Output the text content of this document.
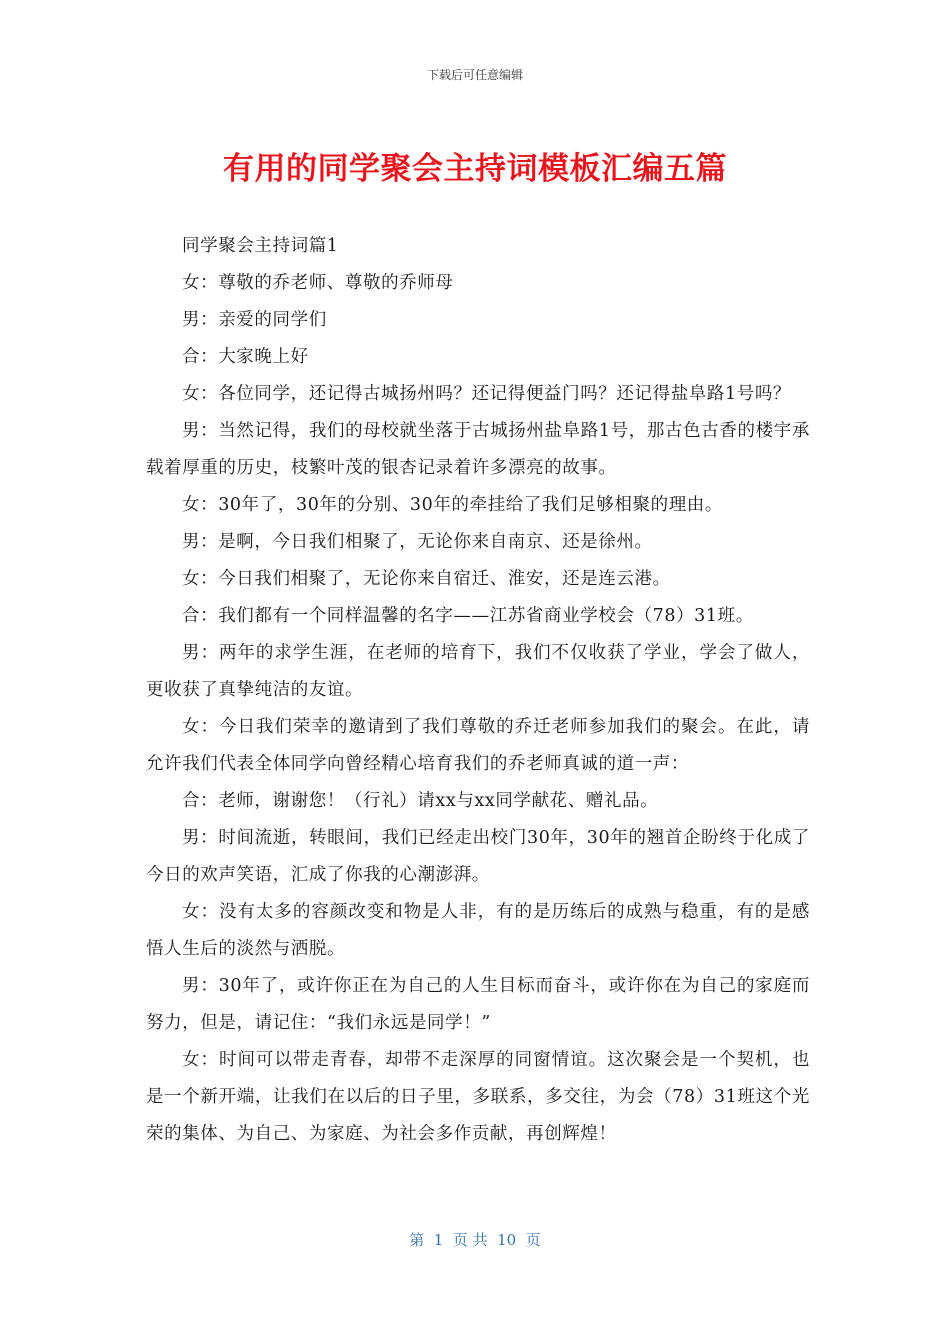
下载后可任意编辑
有用的同学聚会主持词模板汇编五篇

同学聚会主持词篇1

女：尊敬的乔老师、尊敬的乔师母

男：亲爱的同学们

合：大家晚上好

女：各位同学，还记得古城扬州吗？还记得便益门吗？还记得盐阜路1号吗？

男：当然记得，我们的母校就坐落于古城扬州盐阜路1号，那古色古香的楼宇承载着厚重的历史，枝繁叶茂的银杏记录着许多漂亮的故事。

女：30年了，30年的分别、30年的牵挂给了我们足够相聚的理由。

男：是啊，今日我们相聚了，无论你来自南京、还是徐州。

女：今日我们相聚了，无论你来自宿迁、淮安，还是连云港。

合：我们都有一个同样温馨的名字——江苏省商业学校会（78）31班。

男：两年的求学生涯，在老师的培育下，我们不仅收获了学业，学会了做人，更收获了真挚纯洁的友谊。

女：今日我们荣幸的邀请到了我们尊敬的乔迁老师参加我们的聚会。在此，请允许我们代表全体同学向曾经精心培育我们的乔老师真诚的道一声：

合：老师，谢谢您！（行礼）请xx与xx同学献花、赠礼品。

男：时间流逝，转眼间，我们已经走出校门30年，30年的翘首企盼终于化成了今日的欢声笑语，汇成了你我的心潮澎湃。

女：没有太多的容颜改变和物是人非，有的是历练后的成熟与稳重，有的是感悟人生后的淡然与洒脱。

男：30年了，或许你正在为自己的人生目标而奋斗，或许你在为自己的家庭而努力，但是，请记住：“我们永远是同学！”

女：时间可以带走青春，却带不走深厚的同窗情谊。这次聚会是一个契机，也是一个新开端，让我们在以后的日子里，多联系，多交往，为会（78）31班这个光荣的集体、为自己、为家庭、为社会多作贡献，再创辉煌！

第  1  页 共  10  页
